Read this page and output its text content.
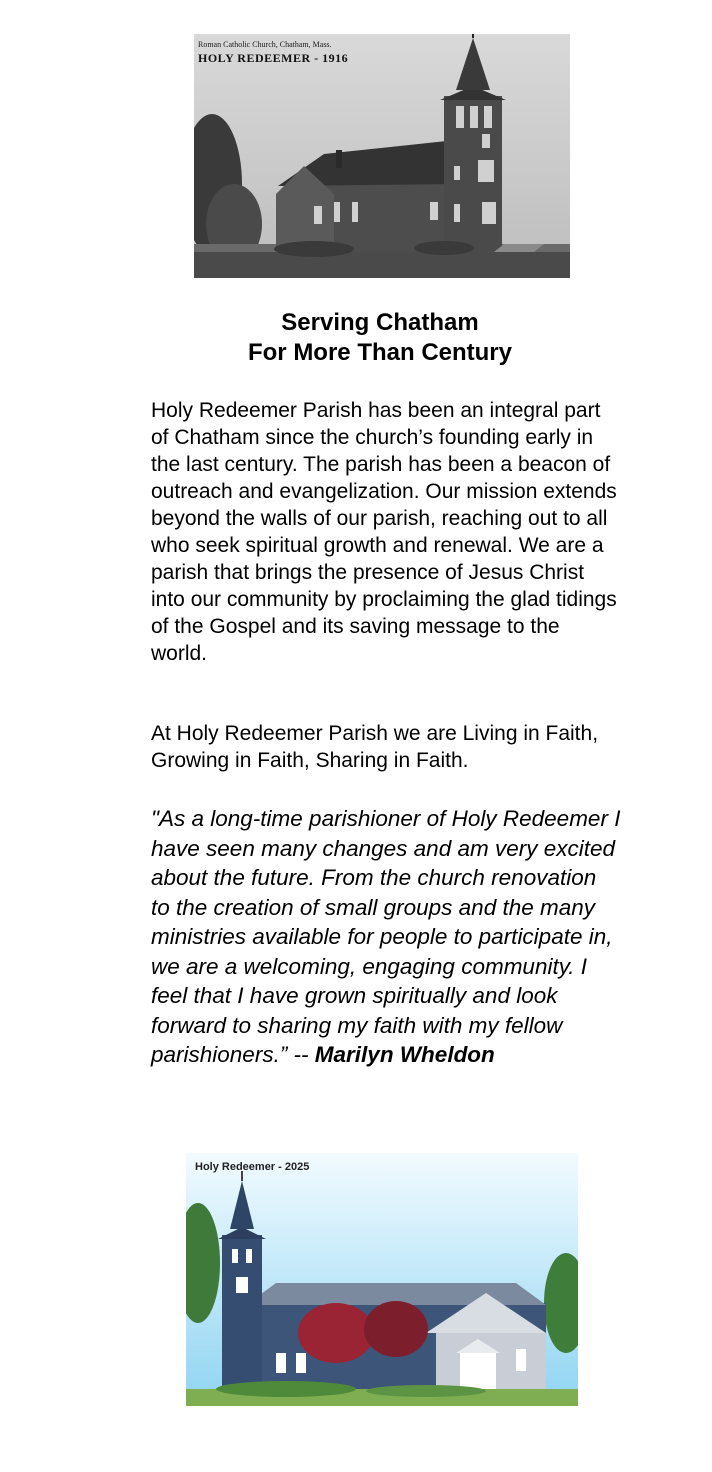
Roman Catholic Church, Chatham, Mass.
HOLY REDEEMER - 1916
Serving Chatham
For More Than Century
Holy Redeemer Parish has been an integral part of Chatham since the church’s founding early in the last century. The parish has been a beacon of outreach and evangelization. Our mission extends beyond the walls of our parish, reaching out to all who seek spiritual growth and renewal. We are a parish that brings the presence of Jesus Christ into our community by proclaiming the glad tidings of the Gospel and its saving message to the world.
At Holy Redeemer Parish we are Living in Faith, Growing in Faith, Sharing in Faith.
"As a long-time parishioner of Holy Redeemer I have seen many changes and am very excited about the future. From the church renovation to the creation of small groups and the many ministries available for people to participate in, we are a welcoming, engaging community. I feel that I have grown spiritually and look forward to sharing my faith with my fellow parishioners.” -- Marilyn Wheldon
Holy Redeemer - 2025
